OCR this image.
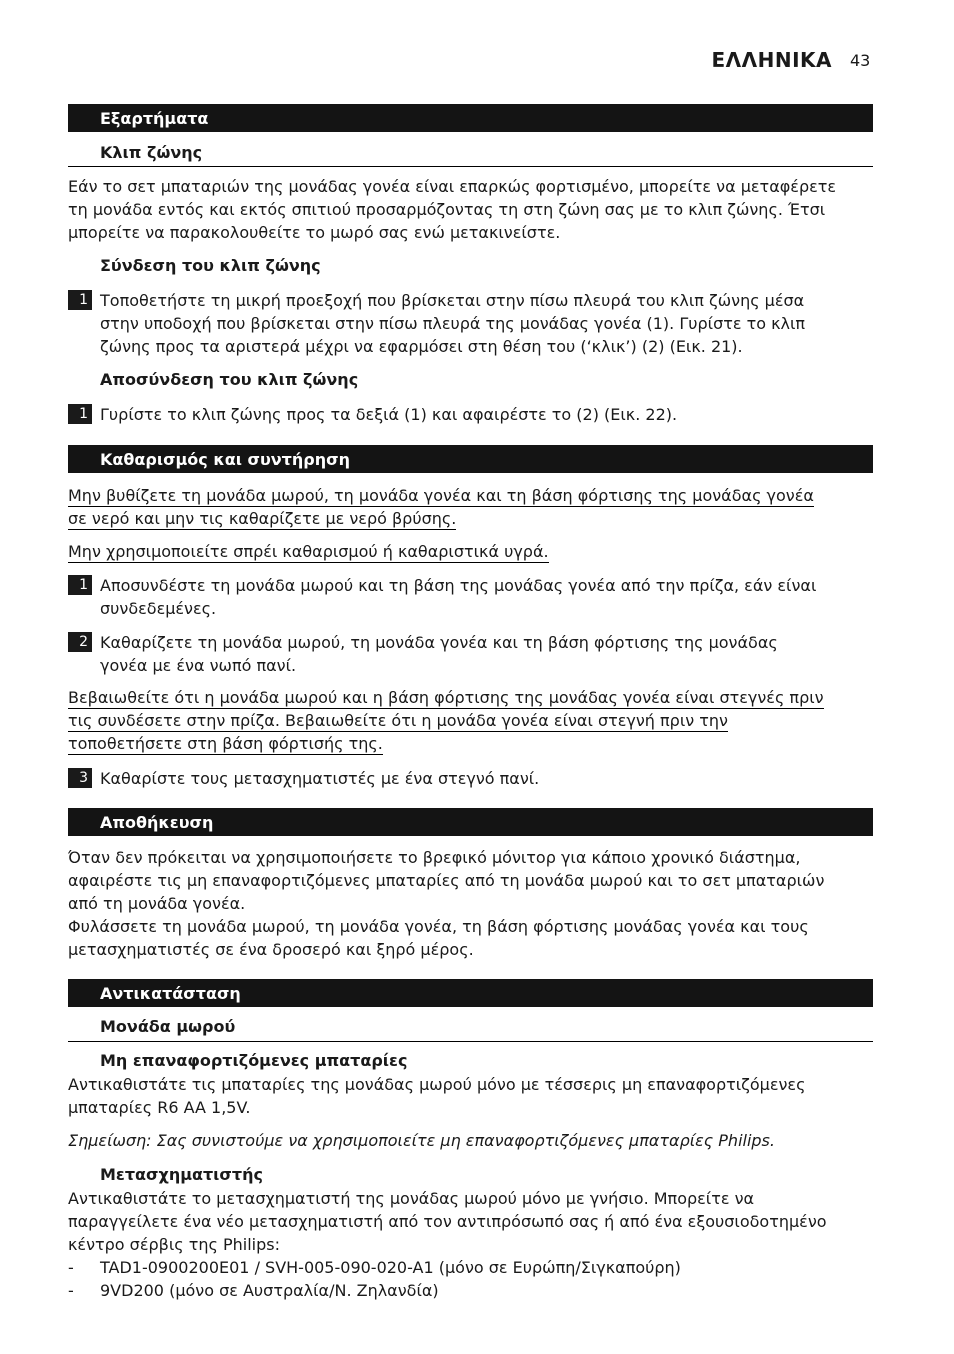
ΕΛΛΗΝΙΚΑ 43
Εξαρτήματα
Κλιπ ζώνης
Εάν το σετ μπαταριών της μονάδας γονέα είναι επαρκώς φορτισμένο, μπορείτε να μεταφέρετε
τη μονάδα εντός και εκτός σπιτιού προσαρμόζοντας τη στη ζώνη σας με το κλιπ ζώνης. Έτσι
μπορείτε να παρακολουθείτε το μωρό σας ενώ μετακινείστε.
Σύνδεση του κλιπ ζώνης
1 Τοποθετήστε τη μικρή προεξοχή που βρίσκεται στην πίσω πλευρά του κλιπ ζώνης μέσα
στην υποδοχή που βρίσκεται στην πίσω πλευρά της μονάδας γονέα (1). Γυρίστε το κλιπ
ζώνης προς τα αριστερά μέχρι να εφαρμόσει στη θέση του (‘κλικ’) (2) (Εικ. 21).
Αποσύνδεση του κλιπ ζώνης
1 Γυρίστε το κλιπ ζώνης προς τα δεξιά (1) και αφαιρέστε το (2) (Εικ. 22).
Καθαρισμός και συντήρηση
Μην βυθίζετε τη μονάδα μωρού, τη μονάδα γονέα και τη βάση φόρτισης της μονάδας γονέα
σε νερό και μην τις καθαρίζετε με νερό βρύσης.
Μην χρησιμοποιείτε σπρέι καθαρισμού ή καθαριστικά υγρά.
1 Αποσυνδέστε τη μονάδα μωρού και τη βάση της μονάδας γονέα από την πρίζα, εάν είναι
συνδεδεμένες.
2 Καθαρίζετε τη μονάδα μωρού, τη μονάδα γονέα και τη βάση φόρτισης της μονάδας
γονέα με ένα νωπό πανί.
Βεβαιωθείτε ότι η μονάδα μωρού και η βάση φόρτισης της μονάδας γονέα είναι στεγνές πριν
τις συνδέσετε στην πρίζα. Βεβαιωθείτε ότι η μονάδα γονέα είναι στεγνή πριν την
τοποθετήσετε στη βάση φόρτισής της.
3 Καθαρίστε τους μετασχηματιστές με ένα στεγνό πανί.
Αποθήκευση
Όταν δεν πρόκειται να χρησιμοποιήσετε το βρεφικό μόνιτορ για κάποιο χρονικό διάστημα,
αφαιρέστε τις μη επαναφορτιζόμενες μπαταρίες από τη μονάδα μωρού και το σετ μπαταριών
από τη μονάδα γονέα.
Φυλάσσετε τη μονάδα μωρού, τη μονάδα γονέα, τη βάση φόρτισης μονάδας γονέα και τους
μετασχηματιστές σε ένα δροσερό και ξηρό μέρος.
Αντικατάσταση
Μονάδα μωρού
Μη επαναφορτιζόμενες μπαταρίες
Αντικαθιστάτε τις μπαταρίες της μονάδας μωρού μόνο με τέσσερις μη επαναφορτιζόμενες
μπαταρίες R6 AA 1,5V.
Σημείωση: Σας συνιστούμε να χρησιμοποιείτε μη επαναφορτιζόμενες μπαταρίες Philips.
Μετασχηματιστής
Αντικαθιστάτε το μετασχηματιστή της μονάδας μωρού μόνο με γνήσιο. Μπορείτε να
παραγγείλετε ένα νέο μετασχηματιστή από τον αντιπρόσωπό σας ή από ένα εξουσιοδοτημένο
κέντρο σέρβις της Philips:
- TAD1-0900200E01 / SVH-005-090-020-A1 (μόνο σε Ευρώπη/Σιγκαπούρη)
- 9VD200 (μόνο σε Αυστραλία/Ν. Ζηλανδία)
